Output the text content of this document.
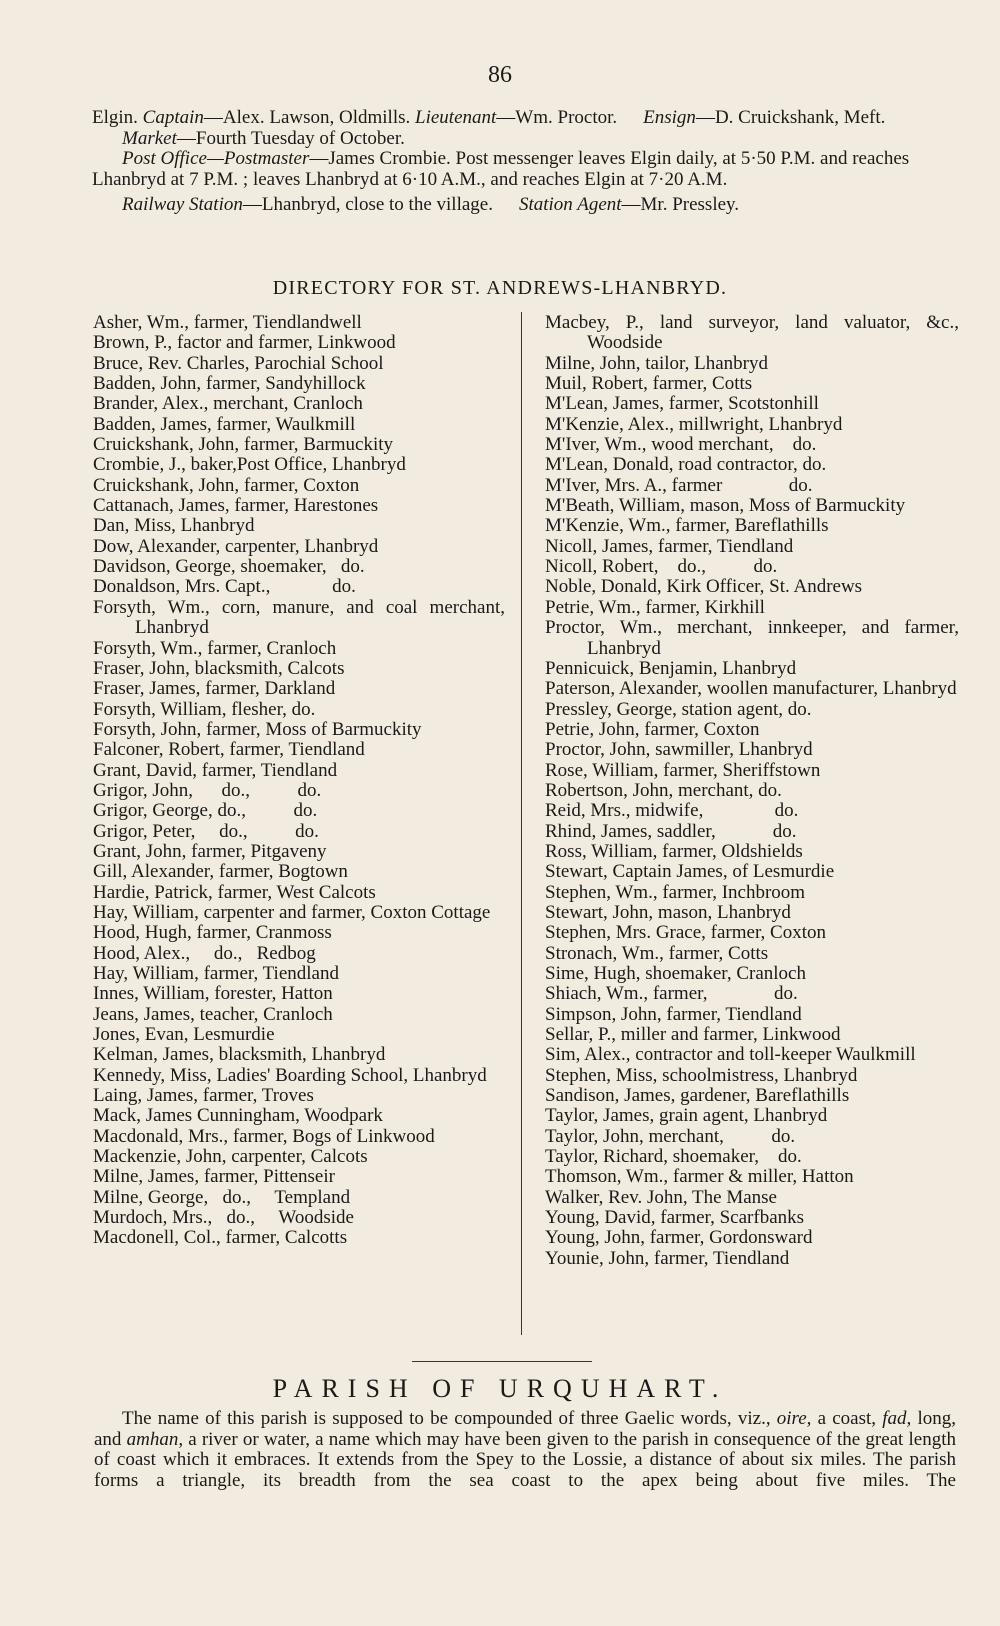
86

Elgin. Captain—Alex. Lawson, Oldmills. Lieutenant—Wm. Proctor. Ensign—D. Cruickshank, Meft.

Market—Fourth Tuesday of October.

Post Office—Postmaster—James Crombie. Post messenger leaves Elgin daily, at 5·50 P.M. and reaches Lhanbryd at 7 P.M. ; leaves Lhanbryd at 6·10 A.M., and reaches Elgin at 7·20 A.M.

Railway Station—Lhanbryd, close to the village. Station Agent—Mr. Pressley.

DIRECTORY FOR ST. ANDREWS-LHANBRYD.
Asher, Wm., farmer, Tiendlandwell
Brown, P., factor and farmer, Linkwood
Bruce, Rev. Charles, Parochial School
Badden, John, farmer, Sandyhillock
Brander, Alex., merchant, Cranloch
Badden, James, farmer, Waulkmill
Cruickshank, John, farmer, Barmuckity
Crombie, J., baker,Post Office, Lhanbryd
Cruickshank, John, farmer, Coxton
Cattanach, James, farmer, Harestones
Dan, Miss, Lhanbryd
Dow, Alexander, carpenter, Lhanbryd
Davidson, George, shoemaker,   do.
Donaldson, Mrs. Capt.,             do.
Forsyth, Wm., corn, manure, and coal merchant, Lhanbryd
Forsyth, Wm., farmer, Cranloch
Fraser, John, blacksmith, Calcots
Fraser, James, farmer, Darkland
Forsyth, William, flesher, do.
Forsyth, John, farmer, Moss of Barmuckity
Falconer, Robert, farmer, Tiendland
Grant, David, farmer, Tiendland
Grigor, John,      do.,          do.
Grigor, George, do.,          do.
Grigor, Peter,     do.,          do.
Grant, John, farmer, Pitgaveny
Gill, Alexander, farmer, Bogtown
Hardie, Patrick, farmer, West Calcots
Hay, William, carpenter and farmer, Coxton Cottage
Hood, Hugh, farmer, Cranmoss
Hood, Alex.,     do.,   Redbog
Hay, William, farmer, Tiendland
Innes, William, forester, Hatton
Jeans, James, teacher, Cranloch
Jones, Evan, Lesmurdie
Kelman, James, blacksmith, Lhanbryd
Kennedy, Miss, Ladies' Boarding School, Lhanbryd
Laing, James, farmer, Troves
Mack, James Cunningham, Woodpark
Macdonald, Mrs., farmer, Bogs of Linkwood
Mackenzie, John, carpenter, Calcots
Milne, James, farmer, Pittenseir
Milne, George,   do.,     Templand
Murdoch, Mrs.,   do.,     Woodside
Macdonell, Col., farmer, Calcotts
Macbey, P., land surveyor, land valuator, &c., Woodside
Milne, John, tailor, Lhanbryd
Muil, Robert, farmer, Cotts
M'Lean, James, farmer, Scotstonhill
M'Kenzie, Alex., millwright, Lhanbryd
M'Iver, Wm., wood merchant,    do.
M'Lean, Donald, road contractor, do.
M'Iver, Mrs. A., farmer              do.
M'Beath, William, mason, Moss of Barmuckity
M'Kenzie, Wm., farmer, Bareflathills
Nicoll, James, farmer, Tiendland
Nicoll, Robert,    do.,          do.
Noble, Donald, Kirk Officer, St. Andrews
Petrie, Wm., farmer, Kirkhill
Proctor, Wm., merchant, innkeeper, and farmer, Lhanbryd
Pennicuick, Benjamin, Lhanbryd
Paterson, Alexander, woollen manufacturer, Lhanbryd
Pressley, George, station agent, do.
Petrie, John, farmer, Coxton
Proctor, John, sawmiller, Lhanbryd
Rose, William, farmer, Sheriffstown
Robertson, John, merchant, do.
Reid, Mrs., midwife,               do.
Rhind, James, saddler,            do.
Ross, William, farmer, Oldshields
Stewart, Captain James, of Lesmurdie
Stephen, Wm., farmer, Inchbroom
Stewart, John, mason, Lhanbryd
Stephen, Mrs. Grace, farmer, Coxton
Stronach, Wm., farmer, Cotts
Sime, Hugh, shoemaker, Cranloch
Shiach, Wm., farmer,              do.
Simpson, John, farmer, Tiendland
Sellar, P., miller and farmer, Linkwood
Sim, Alex., contractor and toll-keeper Waulkmill
Stephen, Miss, schoolmistress, Lhanbryd
Sandison, James, gardener, Bareflathills
Taylor, James, grain agent, Lhanbryd
Taylor, John, merchant,          do.
Taylor, Richard, shoemaker,    do.
Thomson, Wm., farmer & miller, Hatton
Walker, Rev. John, The Manse
Young, David, farmer, Scarfbanks
Young, John, farmer, Gordonsward
Younie, John, farmer, Tiendland
PARISH OF URQUHART.

The name of this parish is supposed to be compounded of three Gaelic words, viz., oire, a coast, fad, long, and amhan, a river or water, a name which may have been given to the parish in consequence of the great length of coast which it embraces. It extends from the Spey to the Lossie, a distance of about six miles. The parish forms a triangle, its breadth from the sea coast to the apex being about five miles. The
